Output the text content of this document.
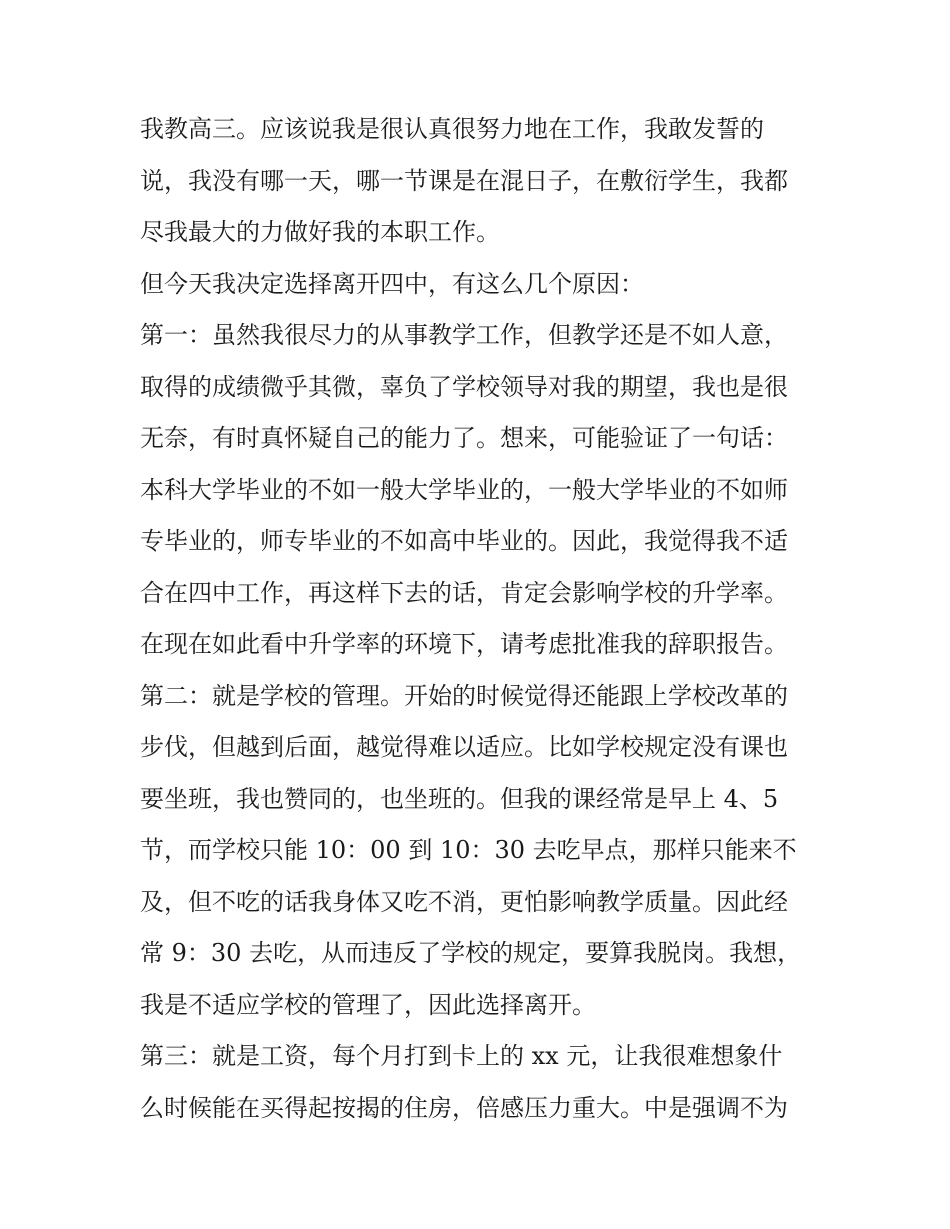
我教高三。应该说我是很认真很努力地在工作，我敢发誓的
说，我没有哪一天，哪一节课是在混日子，在敷衍学生，我都
尽我最大的力做好我的本职工作。
但今天我决定选择离开四中，有这么几个原因：
第一：虽然我很尽力的从事教学工作，但教学还是不如人意，
取得的成绩微乎其微，辜负了学校领导对我的期望，我也是很
无奈，有时真怀疑自己的能力了。想来，可能验证了一句话：
本科大学毕业的不如一般大学毕业的，一般大学毕业的不如师
专毕业的，师专毕业的不如高中毕业的。因此，我觉得我不适
合在四中工作，再这样下去的话，肯定会影响学校的升学率。
在现在如此看中升学率的环境下，请考虑批准我的辞职报告。
第二：就是学校的管理。开始的时候觉得还能跟上学校改革的
步伐，但越到后面，越觉得难以适应。比如学校规定没有课也
要坐班，我也赞同的，也坐班的。但我的课经常是早上 4、5
节，而学校只能 10：00 到 10：30 去吃早点，那样只能来不
及，但不吃的话我身体又吃不消，更怕影响教学质量。因此经
常 9：30 去吃，从而违反了学校的规定，要算我脱岗。我想，
我是不适应学校的管理了，因此选择离开。
第三：就是工资，每个月打到卡上的 xx 元，让我很难想象什
么时候能在买得起按揭的住房，倍感压力重大。中是强调不为
